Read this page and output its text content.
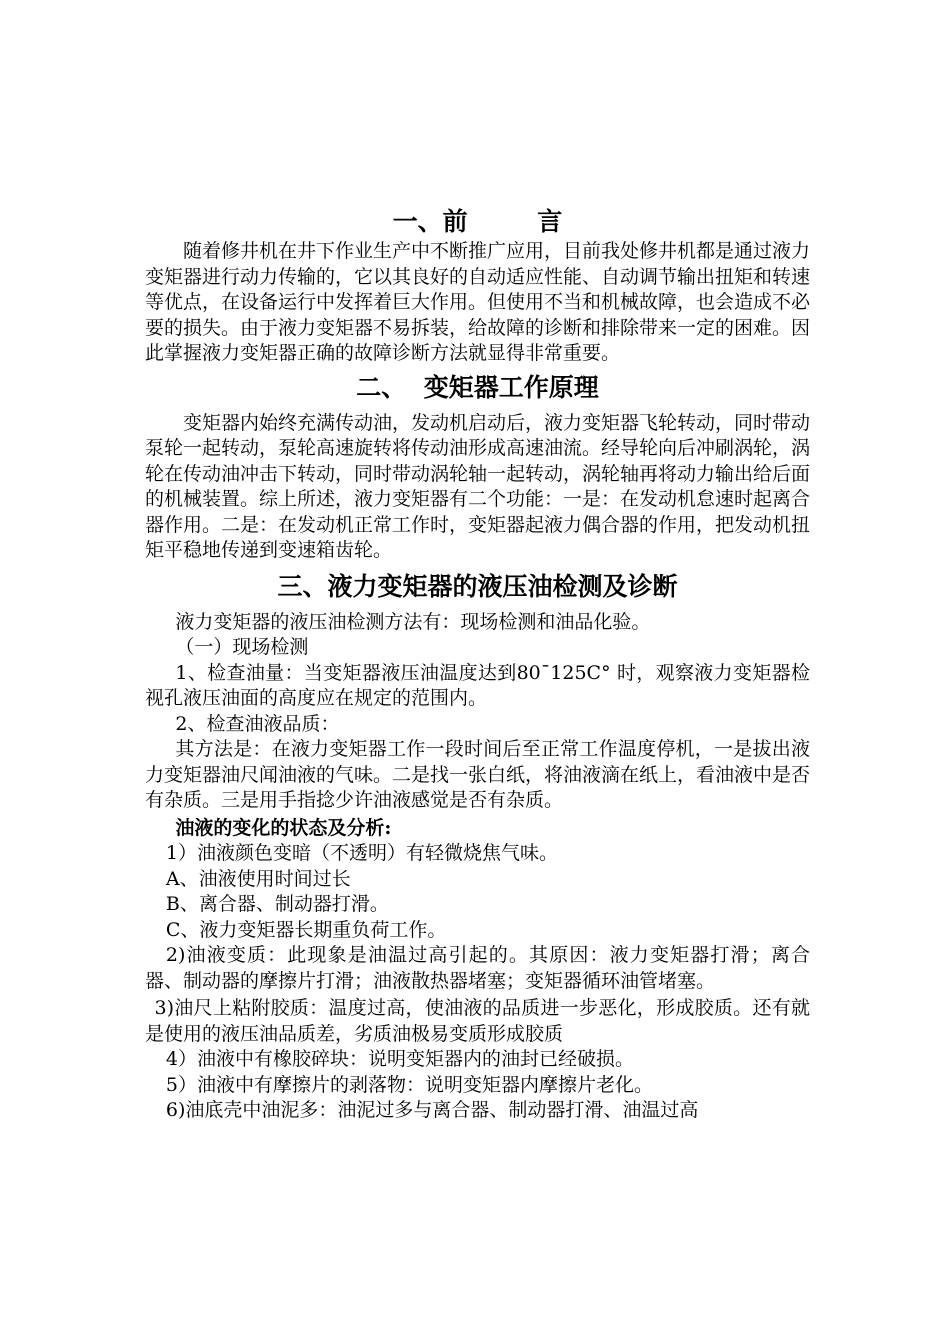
一、前        言
随着修井机在井下作业生产中不断推广应用，目前我处修井机都是通过液力变矩器进行动力传输的，它以其良好的自动适应性能、自动调节输出扭矩和转速等优点，在设备运行中发挥着巨大作用。但使用不当和机械故障，也会造成不必要的损失。由于液力变矩器不易拆装，给故障的诊断和排除带来一定的困难。因此掌握液力变矩器正确的故障诊断方法就显得非常重要。
二、  变矩器工作原理
变矩器内始终充满传动油，发动机启动后，液力变矩器飞轮转动，同时带动泵轮一起转动，泵轮高速旋转将传动油形成高速油流。经导轮向后冲刷涡轮，涡轮在传动油冲击下转动，同时带动涡轮轴一起转动，涡轮轴再将动力输出给后面的机械装置。综上所述，液力变矩器有二个功能：一是：在发动机怠速时起离合器作用。二是：在发动机正常工作时，变矩器起液力偶合器的作用，把发动机扭矩平稳地传递到变速箱齿轮。
三、液力变矩器的液压油检测及诊断
液力变矩器的液压油检测方法有：现场检测和油品化验。
（一）现场检测
1、检查油量：当变矩器液压油温度达到80¯125C° 时，观察液力变矩器检视孔液压油面的高度应在规定的范围内。
2、检查油液品质：
其方法是：在液力变矩器工作一段时间后至正常工作温度停机，一是拔出液力变矩器油尺闻油液的气味。二是找一张白纸，将油液滴在纸上，看油液中是否有杂质。三是用手指捻少许油液感觉是否有杂质。
油液的变化的状态及分析:
1）油液颜色变暗（不透明）有轻微烧焦气味。
A、油液使用时间过长
B、离合器、制动器打滑。
C、液力变矩器长期重负荷工作。
2)油液变质：此现象是油温过高引起的。其原因：液力变矩器打滑；离合器、制动器的摩擦片打滑；油液散热器堵塞；变矩器循环油管堵塞。
3)油尺上粘附胶质：温度过高，使油液的品质进一步恶化，形成胶质。还有就是使用的液压油品质差，劣质油极易变质形成胶质
4）油液中有橡胶碎块：说明变矩器内的油封已经破损。
5）油液中有摩擦片的剥落物：说明变矩器内摩擦片老化。
6)油底壳中油泥多：油泥过多与离合器、制动器打滑、油温过高
